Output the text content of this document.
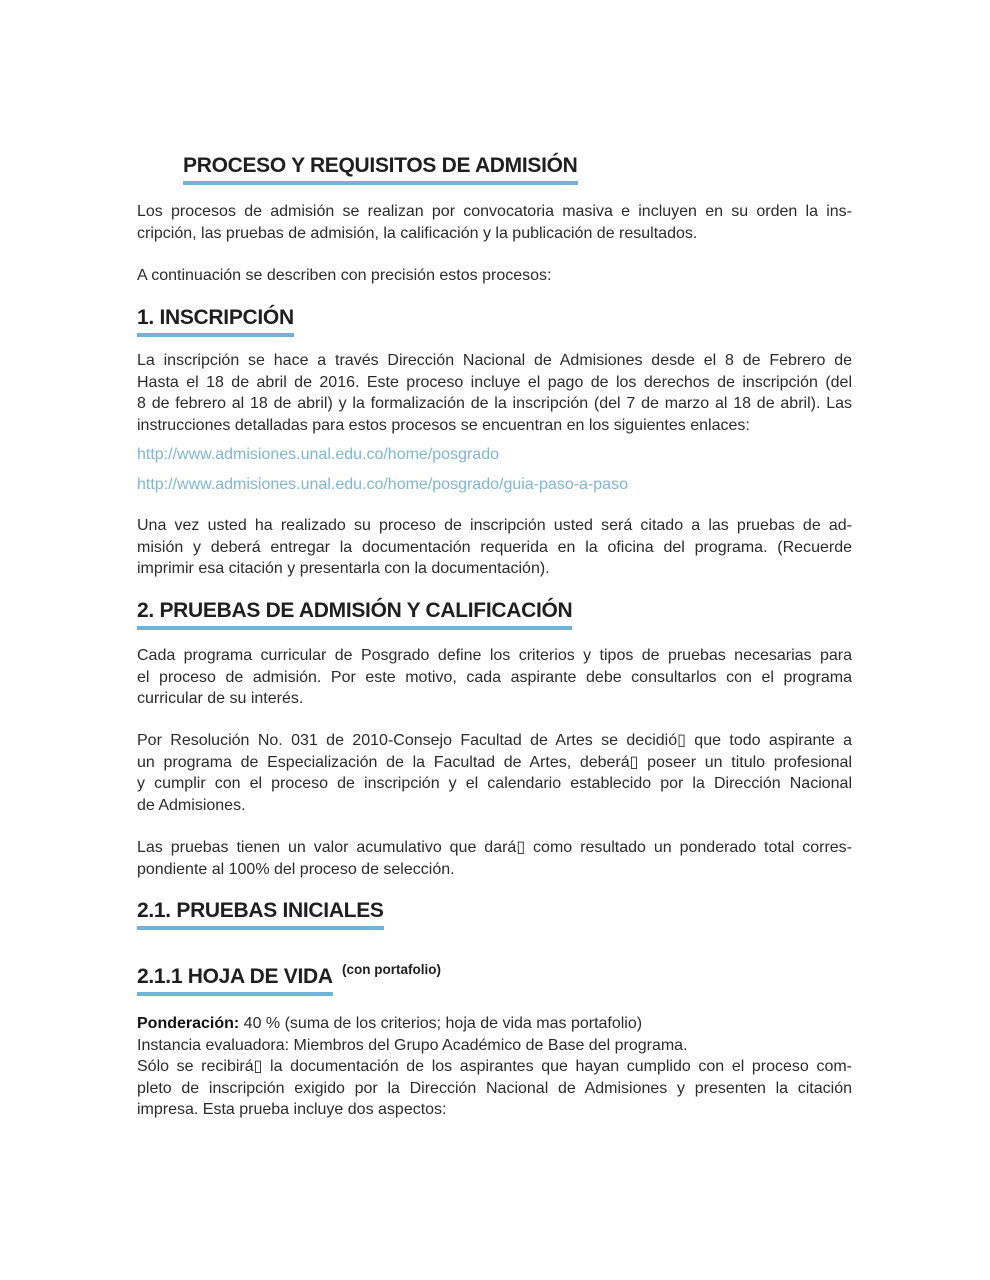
PROCESO Y REQUISITOS DE ADMISIÓN
Los procesos de admisión se realizan por convocatoria masiva e incluyen en su orden la ins-
cripción, las pruebas de admisión, la calificación y la publicación de resultados.
A continuación se describen con precisión estos procesos:
1. INSCRIPCIÓN
La inscripción se hace a través Dirección Nacional de Admisiones desde el 8 de Febrero de
Hasta el 18 de abril de 2016. Este proceso incluye el pago de los derechos de inscripción (del
8 de febrero al 18 de abril) y la formalización de la inscripción (del 7 de marzo al 18 de abril). Las
instrucciones detalladas para estos procesos se encuentran en los siguientes enlaces:
http://www.admisiones.unal.edu.co/home/posgrado
http://www.admisiones.unal.edu.co/home/posgrado/guia-paso-a-paso
Una vez usted ha realizado su proceso de inscripción usted será citado a las pruebas de ad-
misión y deberá entregar la documentación requerida en la oficina del programa. (Recuerde
imprimir esa citación y presentarla con la documentación).
2. PRUEBAS DE ADMISIÓN Y CALIFICACIÓN
Cada programa curricular de Posgrado define los criterios y tipos de pruebas necesarias para
el proceso de admisión. Por este motivo, cada aspirante debe consultarlos con el programa
curricular de su interés.
Por Resolución No. 031 de 2010-Consejo Facultad de Artes se decidió▯ que todo aspirante a
un programa de Especialización de la Facultad de Artes, deberá▯ poseer un titulo profesional
y cumplir con el proceso de inscripción y el calendario establecido por la Dirección Nacional
de Admisiones.
Las pruebas tienen un valor acumulativo que dará▯ como resultado un ponderado total corres-
pondiente al 100% del proceso de selección.
2.1. PRUEBAS INICIALES
2.1.1 HOJA DE VIDA (con portafolio)
Ponderación: 40 % (suma de los criterios; hoja de vida mas portafolio)
Instancia evaluadora: Miembros del Grupo Académico de Base del programa.
Sólo se recibirá▯ la documentación de los aspirantes que hayan cumplido con el proceso com-
pleto de inscripción exigido por la Dirección Nacional de Admisiones y presenten la citación
impresa. Esta prueba incluye dos aspectos:
